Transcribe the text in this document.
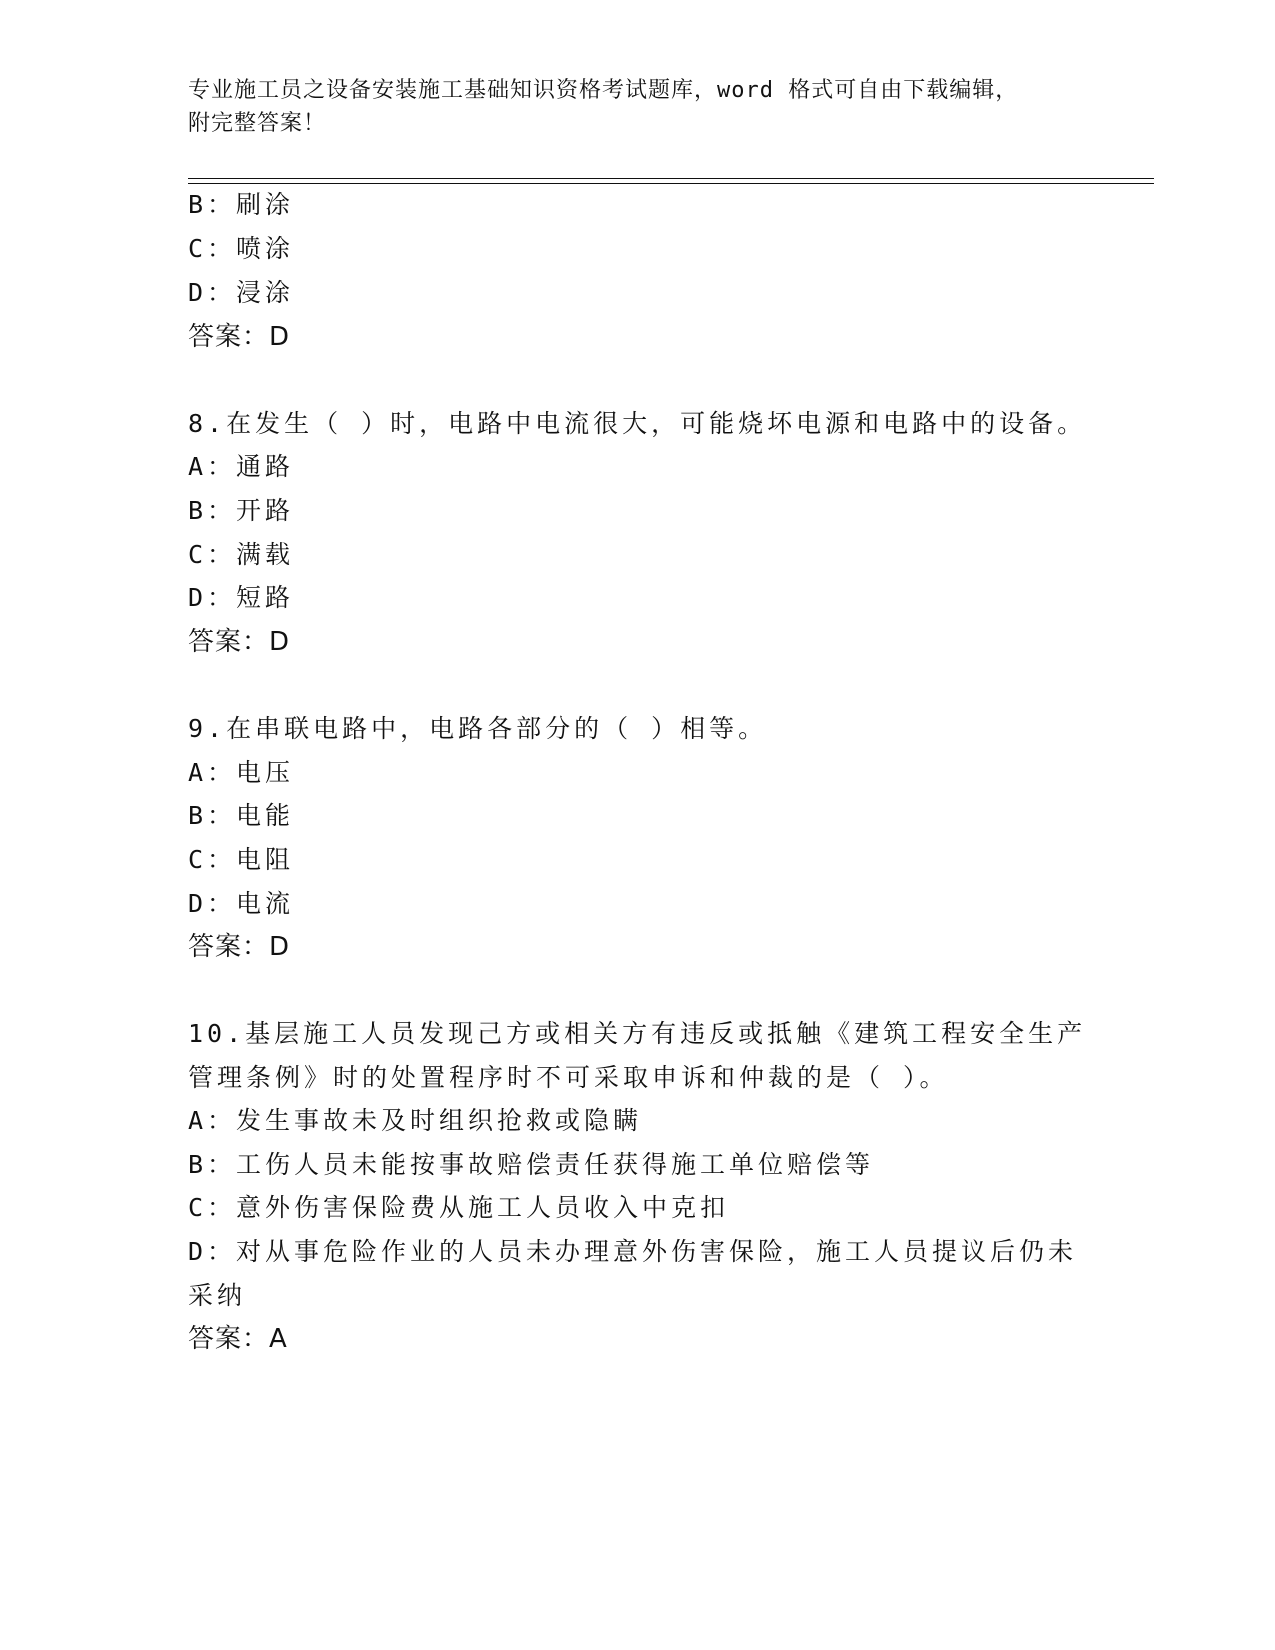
专业施工员之设备安装施工基础知识资格考试题库，word 格式可自由下载编辑，
附完整答案！
B：刷涂
C：喷涂
D：浸涂
答案：D
8.在发生（ ）时，电路中电流很大，可能烧坏电源和电路中的设备。
A：通路
B：开路
C：满载
D：短路
答案：D
9.在串联电路中，电路各部分的（ ）相等。
A：电压
B：电能
C：电阻
D：电流
答案：D
10.基层施工人员发现己方或相关方有违反或抵触《建筑工程安全生产
管理条例》时的处置程序时不可采取申诉和仲裁的是（ ）。
A：发生事故未及时组织抢救或隐瞒
B：工伤人员未能按事故赔偿责任获得施工单位赔偿等
C：意外伤害保险费从施工人员收入中克扣
D：对从事危险作业的人员未办理意外伤害保险，施工人员提议后仍未
采纳
答案：A
